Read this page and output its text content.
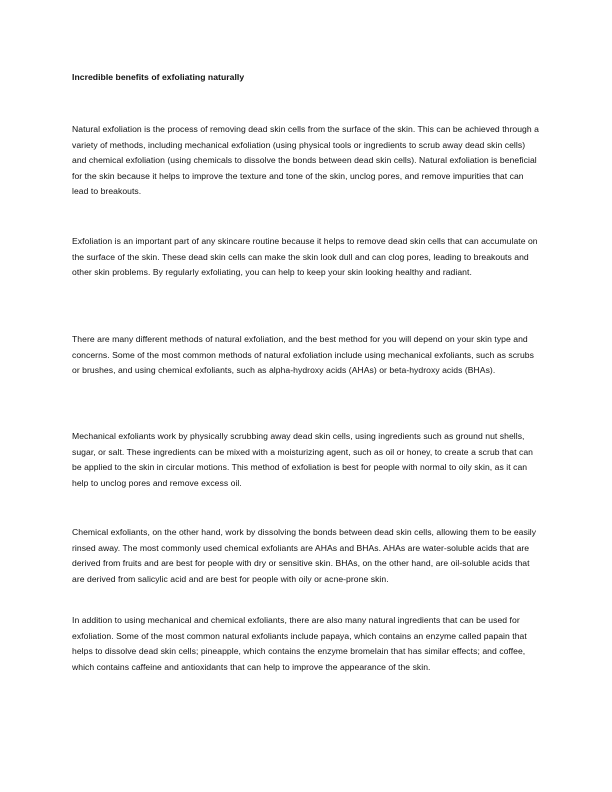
Incredible benefits of exfoliating naturally

Natural exfoliation is the process of removing dead skin cells from the surface of the skin. This can be achieved through a variety of methods, including mechanical exfoliation (using physical tools or ingredients to scrub away dead skin cells) and chemical exfoliation (using chemicals to dissolve the bonds between dead skin cells). Natural exfoliation is beneficial for the skin because it helps to improve the texture and tone of the skin, unclog pores, and remove impurities that can lead to breakouts.

Exfoliation is an important part of any skincare routine because it helps to remove dead skin cells that can accumulate on the surface of the skin. These dead skin cells can make the skin look dull and can clog pores, leading to breakouts and other skin problems. By regularly exfoliating, you can help to keep your skin looking healthy and radiant.

There are many different methods of natural exfoliation, and the best method for you will depend on your skin type and concerns. Some of the most common methods of natural exfoliation include using mechanical exfoliants, such as scrubs or brushes, and using chemical exfoliants, such as alpha-hydroxy acids (AHAs) or beta-hydroxy acids (BHAs).

Mechanical exfoliants work by physically scrubbing away dead skin cells, using ingredients such as ground nut shells, sugar, or salt. These ingredients can be mixed with a moisturizing agent, such as oil or honey, to create a scrub that can be applied to the skin in circular motions. This method of exfoliation is best for people with normal to oily skin, as it can help to unclog pores and remove excess oil.

Chemical exfoliants, on the other hand, work by dissolving the bonds between dead skin cells, allowing them to be easily rinsed away. The most commonly used chemical exfoliants are AHAs and BHAs. AHAs are water-soluble acids that are derived from fruits and are best for people with dry or sensitive skin. BHAs, on the other hand, are oil-soluble acids that are derived from salicylic acid and are best for people with oily or acne-prone skin.

In addition to using mechanical and chemical exfoliants, there are also many natural ingredients that can be used for exfoliation. Some of the most common natural exfoliants include papaya, which contains an enzyme called papain that helps to dissolve dead skin cells; pineapple, which contains the enzyme bromelain that has similar effects; and coffee, which contains caffeine and antioxidants that can help to improve the appearance of the skin.
